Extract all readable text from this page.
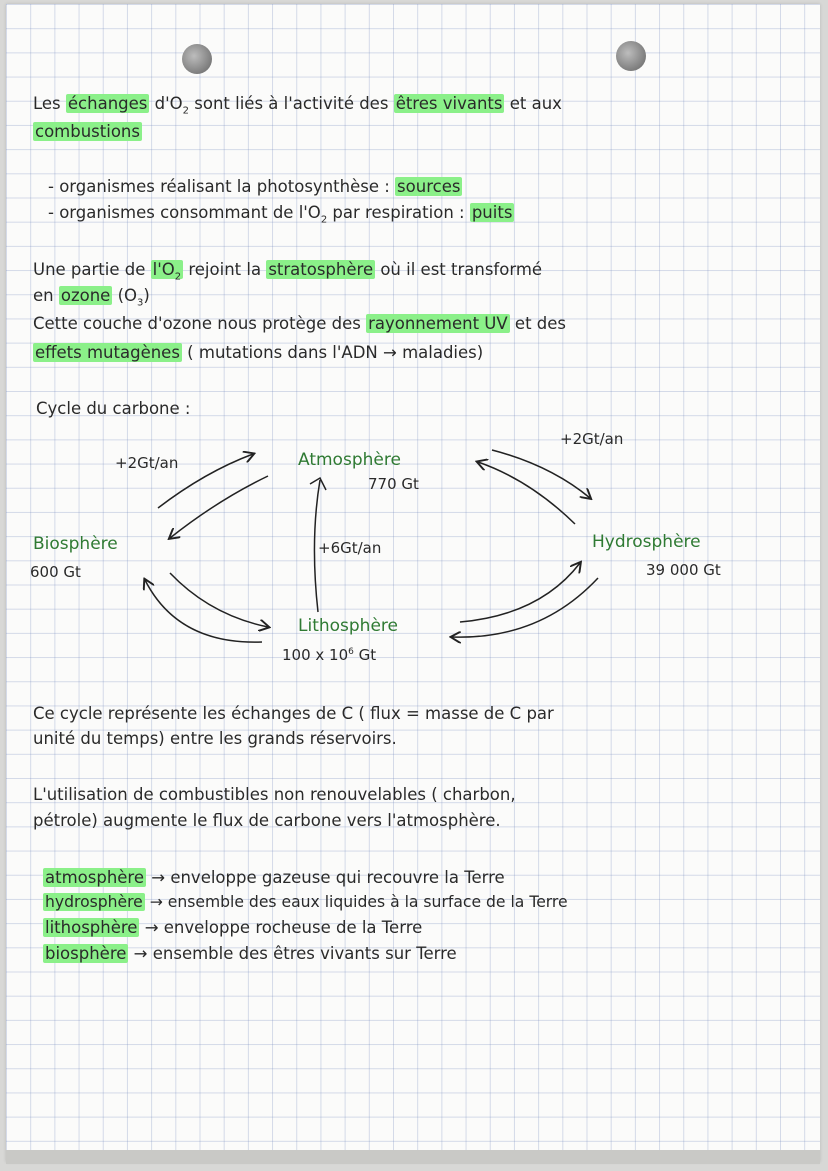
Les échanges $d'O_2$ sont liés à l'activité des êtres vivants et aux
combustions
- organismes réalisant la photosynthèse : sources
- organismes consommant de $l'O_2$ par respiration : puits
Une partie de $l'O_2$ rejoint la stratosphère où il est transformé
en ozone $(O_3)$
Cette couche d'ozone nous protège des rayonnement UV et des
effets mutagènes ( mutations dans l'ADN → maladies)
Cycle du carbone :
Atmosphère
770 Gt
Biosphère
600 Gt
Hydrosphère
39 000 Gt
Lithosphère
100 x $10^6$ Gt
+2Gt/an
+2Gt/an
+6Gt/an
Ce cycle représente les échanges de C ( flux = masse de C par
unité du temps) entre les grands réservoirs.
L'utilisation de combustibles non renouvelables ( charbon,
pétrole) augmente le flux de carbone vers l'atmosphère.
atmosphère → enveloppe gazeuse qui recouvre la Terre
hydrosphère → ensemble des eaux liquides à la surface de la Terre
lithosphère → enveloppe rocheuse de la Terre
biosphère → ensemble des êtres vivants sur Terre
